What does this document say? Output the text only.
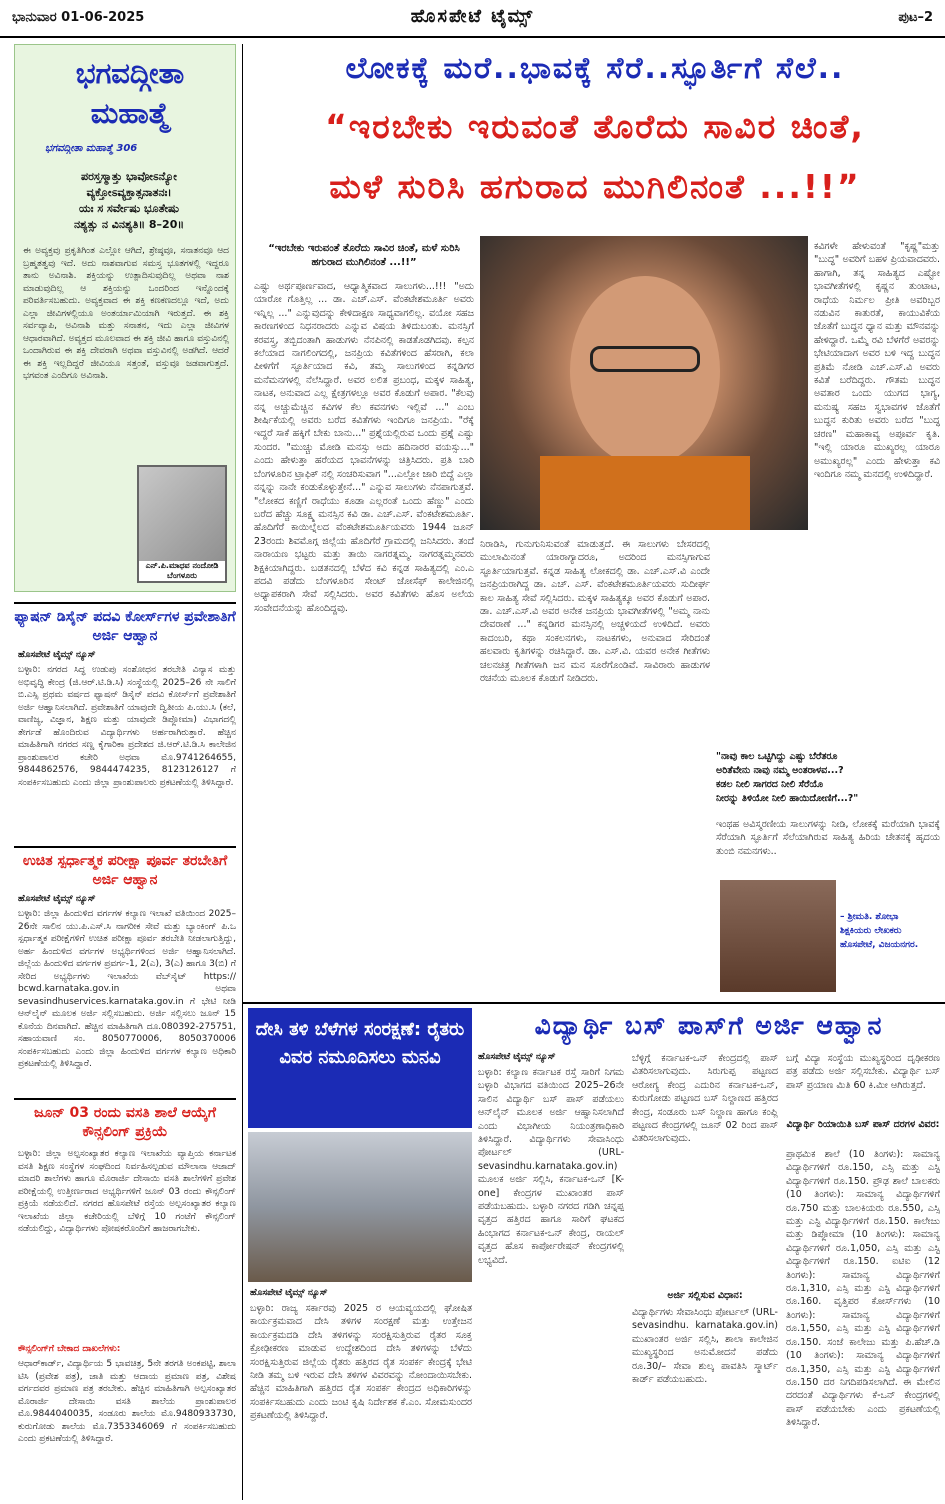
ಭಾನುವಾರ 01-06-2025	ಹೊಸಪೇಟೆ ಟೈಮ್ಸ್	ಪುಟ–2
ಭಗವದ್ಗೀತಾ ಮಹಾತ್ಮೆ
ಭಗವದ್ಗೀತಾ ಮಹಾತ್ಮೆ 306
ಪರಸ್ತಸ್ಮಾತ್ತು ಭಾವೋಽನ್ಯೋ
ವ್ಯಕ್ತೋಽವ್ಯಕ್ತಾತ್ಸನಾತನಃ।
ಯಃ ಸ ಸರ್ವೇಷು ಭೂತೇಷು
ನಶ್ಯತ್ಸು ನ ವಿನಶ್ಯತಿ॥ 8–20॥
ಈ ಅವ್ಯಕ್ತವು ಪ್ರಕೃತಿಗಿಂತ ಎಲ್ಲೋ ಆಗಿದೆ, ಶ್ರೇಷ್ಠವೂ, ಸನಾತನವೂ ಆದ ಬ್ರಹ್ಮತತ್ವವು ಇದೆ. ಅದು ನಾಶವಾಗುವ ಸಮಸ್ತ ಭೂತಗಳಲ್ಲಿ ಇದ್ದರೂ ತಾನು ಅವಿನಾಶಿ. ಶಕ್ತಿಯನ್ನು ಉತ್ಪಾದಿಸುವುದಿಲ್ಲ ಅಥವಾ ನಾಶ ಮಾಡುವುದಿಲ್ಲ ಆ ಶಕ್ತಿಯನ್ನು ಒಂದರಿಂದ ಇನ್ನೊಂದಕ್ಕೆ ಪರಿವರ್ತಿಸಬಹುದು. ಅವ್ಯಕ್ತವಾದ ಈ ಶಕ್ತಿ ಕಣಕಣದಲ್ಲೂ ಇದೆ, ಅದು ಎಲ್ಲಾ ಜೀವಿಗಳಲ್ಲಿಯೂ ಅಂತರ್ಯಾಮಿಯಾಗಿ ಇರುತ್ತದೆ. ಈ ಶಕ್ತಿ ಸರ್ವವ್ಯಾಪಿ, ಅವಿನಾಶಿ ಮತ್ತು ಸನಾತನ, ಇದು ಎಲ್ಲಾ ಜೀವಿಗಳ ಆಧಾರವಾಗಿದೆ. ಅವ್ಯಕ್ತದ ಮೂಲವಾದ ಈ ಶಕ್ತಿ ಜೀವಿ ಹಾಗೂ ವಸ್ತುವಿನಲ್ಲಿ ಒಂದಾಗಿರುವ ಈ ಶಕ್ತಿ ದೇವರಾಗಿ ಅಥವಾ ವಸ್ತುವಿನಲ್ಲಿ ಅಡಗಿದೆ. ಆದರೆ ಈ ಶಕ್ತಿ ಇಲ್ಲದಿದ್ದರೆ ಜೀವಿಯೂ ಸತ್ತಂತೆ, ವಸ್ತುವೂ ಜಡವಾಗುತ್ತದೆ. ಭಗವಂತ ಎಂದಿಗೂ ಅವಿನಾಶಿ.
ಎನ್.ಪಿ.ಮಾಧವ ನಂದೋಡಿ ಬೆಂಗಳೂರು
ಫ್ಯಾಷನ್ ಡಿಸೈನ್ ಪದವಿ ಕೋರ್ಸ್‌ಗಳ ಪ್ರವೇಶಾತಿಗೆ ಅರ್ಜಿ ಆಹ್ವಾನ
ಹೊಸಪೇಟೆ ಟೈಮ್ಸ್ ನ್ಯೂಸ್
ಬಳ್ಳಾರಿ: ನಗರದ ಸಿದ್ಧ ಉಡುಪು ಸಂಶೋಧನ ತರಬೇತಿ ವಿನ್ಯಾಸ ಮತ್ತು ಅಭಿವೃದ್ಧಿ ಕೇಂದ್ರ (ಜಿ.ಆರ್.ಟಿ.ಡಿ.ಸಿ) ಸಂಸ್ಥೆಯಲ್ಲಿ 2025–26 ನೇ ಸಾಲಿಗೆ ಬಿ.ಎಸ್ಸಿ ಪ್ರಥಮ ವರ್ಷದ ಫ್ಯಾಷನ್ ಡಿಸೈನ್ ಪದವಿ ಕೋರ್ಸ್‌ಗೆ ಪ್ರವೇಶಾತಿಗೆ ಅರ್ಜಿ ಆಹ್ವಾನಿಸಲಾಗಿದೆ. ಪ್ರವೇಶಾತಿಗೆ ಯಾವುದೇ ದ್ವಿತೀಯ ಪಿ.ಯು.ಸಿ (ಕಲೆ, ವಾಣಿಜ್ಯ, ವಿಜ್ಞಾನ, ಶಿಕ್ಷಣ ಮತ್ತು ಯಾವುದೇ ಡಿಪ್ಲೋಮಾ) ವಿಭಾಗದಲ್ಲಿ ತೇರ್ಗಡೆ ಹೊಂದಿರುವ ವಿದ್ಯಾರ್ಥಿಗಳು ಅರ್ಹರಾಗಿರುತ್ತಾರೆ. ಹೆಚ್ಚಿನ ಮಾಹಿತಿಗಾಗಿ ನಗರದ ಸಣ್ಣ ಕೈಗಾರಿಕಾ ಪ್ರದೇಶದ ಜಿ.ಆರ್.ಟಿ.ಡಿ.ಸಿ ಕಾಲೇಜಿನ ಪ್ರಾಂಶುಪಾಲರ ಕಚೇರಿ ಅಥವಾ ಮೊ.9741264655, 9844862576, 9844474235, 8123126127 ಗೆ ಸಂಪರ್ಕಿಸಬಹುದು ಎಂದು ಜಿಲ್ಲಾ ಪ್ರಾಂಶುಪಾಲರು ಪ್ರಕಟಣೆಯಲ್ಲಿ ತಿಳಿಸಿದ್ದಾರೆ.
ಉಚಿತ ಸ್ಪರ್ಧಾತ್ಮಕ ಪರೀಕ್ಷಾ ಪೂರ್ವ ತರಬೇತಿಗೆ ಅರ್ಜಿ ಆಹ್ವಾನ
ಹೊಸಪೇಟೆ ಟೈಮ್ಸ್ ನ್ಯೂಸ್
ಬಳ್ಳಾರಿ: ಜಿಲ್ಲಾ ಹಿಂದುಳಿದ ವರ್ಗಗಳ ಕಲ್ಯಾಣ ಇಲಾಖೆ ವತಿಯಿಂದ 2025–26ನೇ ಸಾಲಿನ ಯು.ಪಿ.ಎಸ್.ಸಿ ನಾಗರೀಕ ಸೇವೆ ಮತ್ತು ಬ್ಯಾಂಕಿಂಗ್ ಪಿ.ಒ ಸ್ಪರ್ಧಾತ್ಮಕ ಪರೀಕ್ಷೆಗಳಿಗೆ ಉಚಿತ ಪರೀಕ್ಷಾ ಪೂರ್ವ ತರಬೇತಿ ನೀಡಲಾಗುತ್ತಿದ್ದು, ಅರ್ಹ ಹಿಂದುಳಿದ ವರ್ಗಗಳ ಅಭ್ಯರ್ಥಿಗಳಿಂದ ಅರ್ಜಿ ಆಹ್ವಾನಿಸಲಾಗಿದೆ. ಜಿಲ್ಲೆಯ ಹಿಂದುಳಿದ ವರ್ಗಗಳ ಪ್ರವರ್ಗ-1, 2(ಎ), 3(ಎ) ಹಾಗೂ 3(ಬಿ) ಗೆ ಸೇರಿದ ಅಭ್ಯರ್ಥಿಗಳು ಇಲಾಖೆಯ ವೆಬ್‌ಸೈಟ್ https:// bcwd.karnataka.gov.in ಅಥವಾ sevasindhuservices.karnataka.gov.in ಗೆ ಭೇಟಿ ನೀಡಿ ಆನ್‌ಲೈನ್ ಮೂಲಕ ಅರ್ಜಿ ಸಲ್ಲಿಸಬಹುದು. ಅರ್ಜಿ ಸಲ್ಲಿಸಲು ಜೂನ್ 15 ಕೊನೆಯ ದಿನವಾಗಿದೆ. ಹೆಚ್ಚಿನ ಮಾಹಿತಿಗಾಗಿ ದೂ.080392-275751, ಸಹಾಯವಾಣಿ ಸಂ. 8050770006, 8050370006 ಸಂಪರ್ಕಿಸಬಹುದು ಎಂದು ಜಿಲ್ಲಾ ಹಿಂದುಳಿದ ವರ್ಗಗಳ ಕಲ್ಯಾಣ ಅಧಿಕಾರಿ ಪ್ರಕಟಣೆಯಲ್ಲಿ ತಿಳಿಸಿದ್ದಾರೆ.
ಜೂನ್ 03 ರಂದು ವಸತಿ ಶಾಲೆ ಆಯ್ಕೆಗೆ ಕೌನ್ಸಲಿಂಗ್ ಪ್ರಕ್ರಿಯೆ
ಬಳ್ಳಾರಿ: ಜಿಲ್ಲಾ ಅಲ್ಪಸಂಖ್ಯಾತರ ಕಲ್ಯಾಣ ಇಲಾಖೆಯ ವ್ಯಾಪ್ತಿಯ ಕರ್ನಾಟಕ ವಸತಿ ಶಿಕ್ಷಣ ಸಂಸ್ಥೆಗಳ ಸಂಘದಿಂದ ನಿರ್ವಹಿಸಲ್ಪಡುವ ಮೌಲಾನಾ ಆಜಾದ್ ಮಾದರಿ ಶಾಲೆಗಳು ಹಾಗೂ ಮೊರಾರ್ಜಿ ದೇಸಾಯಿ ವಸತಿ ಶಾಲೆಗಳಿಗೆ ಪ್ರವೇಶ ಪರೀಕ್ಷೆಯಲ್ಲಿ ಉತ್ತೀರ್ಣರಾದ ಅಭ್ಯರ್ಥಿಗಳಿಗೆ ಜೂನ್ 03 ರಂದು ಕೌನ್ಸಲಿಂಗ್ ಪ್ರಕ್ರಿಯೆ ನಡೆಯಲಿದೆ. ನಗರದ ಹೊಸಪೇಟೆ ರಸ್ತೆಯ ಅಲ್ಪಸಂಖ್ಯಾತರ ಕಲ್ಯಾಣ ಇಲಾಖೆಯ ಜಿಲ್ಲಾ ಕಚೇರಿಯಲ್ಲಿ ಬೆಳಿಗ್ಗೆ 10 ಗಂಟೆಗೆ ಕೌನ್ಸಲಿಂಗ್ ನಡೆಯಲಿದ್ದು, ವಿದ್ಯಾರ್ಥಿಗಳು ಪೋಷಕರೊಂದಿಗೆ ಹಾಜರಾಗಬೇಕು.
ಕೌನ್ಸಲಿಂಗ್‌ಗೆ ಬೇಕಾದ ದಾಖಲೆಗಳು:
ಆಧಾರ್‌ಕಾರ್ಡ್, ವಿದ್ಯಾರ್ಥಿಯ 5 ಭಾವಚಿತ್ರ, 5ನೇ ತರಗತಿ ಅಂಕಪಟ್ಟಿ, ಶಾಲಾ ಟಿಸಿ (ಪ್ರವೇಶ ಪತ್ರ), ಜಾತಿ ಮತ್ತು ಆದಾಯ ಪ್ರಮಾಣ ಪತ್ರ, ವಿಶೇಷ ವರ್ಗದವರ ಪ್ರಮಾಣ ಪತ್ರ ತರಬೇಕು. ಹೆಚ್ಚಿನ ಮಾಹಿತಿಗಾಗಿ ಅಲ್ಪಸಂಖ್ಯಾತರ ಮೊರಾರ್ಜಿ ದೇಸಾಯಿ ವಸತಿ ಶಾಲೆಯ ಪ್ರಾಂಶುಪಾಲರ ಮೊ.9844040035, ಸಂಡೂರು ಶಾಲೆಯ ಮೊ.9480933730, ಕುರುಗೋಡು ಶಾಲೆಯ ಮೊ.7353346069 ಗೆ ಸಂಪರ್ಕಿಸಬಹುದು ಎಂದು ಪ್ರಕಟಣೆಯಲ್ಲಿ ತಿಳಿಸಿದ್ದಾರೆ.
ಲೋಕಕ್ಕೆ ಮರೆ..ಭಾವಕ್ಕೆ ಸೆರೆ..ಸ್ಫೂರ್ತಿಗೆ ಸೆಲೆ..
“ಇರಬೇಕು ಇರುವಂತೆ ತೊರೆದು ಸಾವಿರ ಚಿಂತೆ,
ಮಳೆ ಸುರಿಸಿ ಹಗುರಾದ ಮುಗಿಲಿನಂತೆ ...!!”
“ಇರಬೇಕು ಇರುವಂತೆ ತೊರೆದು ಸಾವಿರ ಚಿಂತೆ, ಮಳೆ ಸುರಿಸಿ ಹಗುರಾದ ಮುಗಿಲಿನಂತೆ ...!!”
ಎಷ್ಟು ಅರ್ಥಪೂರ್ಣವಾದ, ಆಧ್ಯಾತ್ಮಿಕವಾದ ಸಾಲುಗಳು...!!! "ಅದು ಯಾರೋ ಗೊತ್ತಿಲ್ಲ ... ಡಾ. ಎಚ್.ಎಸ್. ವೆಂಕಟೇಶಮೂರ್ತಿ ಅವರು ಇನ್ನಿಲ್ಲ ..." ಎನ್ನುವುದನ್ನು ಕೇಳಿದಾಕ್ಷಣ ಸಾಧ್ಯವಾಗಲಿಲ್ಲ. ವಯೋ ಸಹಜ ಕಾರಣಗಳಿಂದ ನಿಧನರಾದರು ಎನ್ನುವ ವಿಷಯ ತಿಳಿದುಬಂತು. ಮನಸ್ಸಿಗೆ ಕರವಸ್ತ್ರ, ತಬ್ಬಿದಂತಾಗಿ ಹಾಡುಗಳು ನೆನಪಿನಲ್ಲಿ ಕಾಡತೊಡಗಿದವು. ಕಲ್ಪನ ಕಲೆಯಾದ ನಾಗಲಿಂಗದಲ್ಲಿ, ಜನಪ್ರಿಯ ಕವಿತೆಗಳಿಂದ ಹೆಸರಾಗಿ, ಕಲಾ ಪೀಳಿಗೆಗೆ ಸ್ಫೂರ್ತಿಯಾದ ಕವಿ, ತಮ್ಮ ಸಾಲುಗಳಿಂದ ಕನ್ನಡಿಗರ ಮನೆಮನಗಳಲ್ಲಿ ನೆಲೆಸಿದ್ದಾರೆ. ಅವರ ಲಲಿತ ಪ್ರಬಂಧ, ಮಕ್ಕಳ ಸಾಹಿತ್ಯ, ನಾಟಕ, ಅನುವಾದ ಎಲ್ಲ ಕ್ಷೇತ್ರಗಳಲ್ಲೂ ಅವರ ಕೊಡುಗೆ ಅಪಾರ. "ಕೆಲವು ನನ್ನ ಅಚ್ಚುಮೆಚ್ಚಿನ ಕವಿಗಳ ಕೆಲ ಕವನಗಳು ಇಲ್ಲಿವೆ ..." ಎಂಬ ಶೀರ್ಷಿಕೆಯಲ್ಲಿ ಅವರು ಬರೆದ ಕವಿತೆಗಳು ಇಂದಿಗೂ ಜನಪ್ರಿಯ. "ರೆಕ್ಕೆ ಇದ್ದರೆ ಸಾಕೆ ಹಕ್ಕಿಗೆ ಬೇಕು ಬಾನು..." ಪ್ರಶ್ನೆಯಲ್ಲಿರುವ ಒಂದು ಪ್ರಶ್ನೆ ಎಷ್ಟು ಸುಂದರ. "ಮುಚ್ಚು ಮೋಡಿ ಮನಸ್ಸು ಅದು ಹದಿನಾರರ ವಯಸ್ಸು..." ಎಂದು ಹೇಳುತ್ತಾ ಹರೆಯದ ಭಾವನೆಗಳನ್ನು ಚಿತ್ರಿಸಿದರು. ಪ್ರತಿ ಬಾರಿ ಬೆಂಗಳೂರಿನ ಟ್ರಾಫಿಕ್ ನಲ್ಲಿ ಸಂಚರಿಸುವಾಗ "...ಎಲ್ಲೋ ಜಾರಿ ಬಿದ್ದೆ ಎಲ್ಲಾ ನನ್ನನ್ನು ನಾನೇ ಕಂಡುಕೊಳ್ಳುತ್ತೇನೆ..." ಎನ್ನುವ ಸಾಲುಗಳು ನೆನಪಾಗುತ್ತವೆ. "ಲೋಕದ ಕಣ್ಣಿಗೆ ರಾಧೆಯು ಕೂಡಾ ಎಲ್ಲರಂತೆ ಒಂದು ಹೆಣ್ಣು" ಎಂದು ಬರೆದ ಹೆಚ್ಚು ಸೂಕ್ಷ್ಮ ಮನಸ್ಸಿನ ಕವಿ ಡಾ. ಎಚ್.ಎಸ್. ವೆಂಕಟೇಶಮೂರ್ತಿ. ಹೊದಿಗೆರೆ ಕಾಯಿಲ್ನೆಲದ ವೆಂಕಟೇಶಮೂರ್ತಿಯವರು 1944 ಜೂನ್ 23ರಂದು ಶಿವಮೊಗ್ಗ ಜಿಲ್ಲೆಯ ಹೊದಿಗೆರೆ ಗ್ರಾಮದಲ್ಲಿ ಜನಿಸಿದರು. ತಂದೆ ನಾರಾಯಣ ಭಟ್ಟರು ಮತ್ತು ತಾಯಿ ನಾಗರತ್ನಮ್ಮ. ನಾಗರತ್ನಮ್ಮನವರು ಶಿಕ್ಷಕಿಯಾಗಿದ್ದರು. ಬಡತನದಲ್ಲಿ ಬೆಳೆದ ಕವಿ ಕನ್ನಡ ಸಾಹಿತ್ಯದಲ್ಲಿ ಎಂ.ಎ ಪದವಿ ಪಡೆದು ಬೆಂಗಳೂರಿನ ಸೇಂಟ್ ಜೋಸೆಫ್ ಕಾಲೇಜಿನಲ್ಲಿ ಅಧ್ಯಾಪಕರಾಗಿ ಸೇವೆ ಸಲ್ಲಿಸಿದರು. ಅವರ ಕವಿತೆಗಳು ಹೊಸ ಅಲೆಯ ಸಂವೇದನೆಯನ್ನು ಹೊಂದಿದ್ದವು.
ನಿರಾಡಿಸಿ, ಗುನುಗುನಿಸುವಂತೆ ಮಾಡುತ್ತದೆ. ಈ ಸಾಲುಗಳು ಬೇಸರದಲ್ಲಿ ಮುಲಾಮಿನಂತೆ ಯಾರಾಗ್ಯಾದರೂ, ಅದರಿಂದ ಮನಸ್ಸಿಗಾಗುವ ಸ್ಫೂರ್ತಿಯಾಗುತ್ತವೆ. ಕನ್ನಡ ಸಾಹಿತ್ಯ ಲೋಕದಲ್ಲಿ ಡಾ. ಎಚ್.ಎಸ್.ವಿ ಎಂದೇ ಜನಪ್ರಿಯರಾಗಿದ್ದ ಡಾ. ಎಚ್. ಎಸ್. ವೆಂಕಟೇಶಮೂರ್ತಿಯವರು ಸುದೀರ್ಘ ಕಾಲ ಸಾಹಿತ್ಯ ಸೇವೆ ಸಲ್ಲಿಸಿದರು. ಮಕ್ಕಳ ಸಾಹಿತ್ಯಕ್ಕೂ ಅವರ ಕೊಡುಗೆ ಅಪಾರ. ಡಾ. ಎಚ್.ಎಸ್.ವಿ ಅವರ ಅನೇಕ ಜನಪ್ರಿಯ ಭಾವಗೀತೆಗಳಲ್ಲಿ "ಅಮ್ಮ ನಾನು ದೇವರಾಣೆ ..." ಕನ್ನಡಿಗರ ಮನಸ್ಸಿನಲ್ಲಿ ಅಚ್ಚಳಿಯದೆ ಉಳಿದಿದೆ. ಅವರು ಕಾದಂಬರಿ, ಕಥಾ ಸಂಕಲನಗಳು, ನಾಟಕಗಳು, ಅನುವಾದ ಸೇರಿದಂತೆ ಹಲವಾರು ಕೃತಿಗಳನ್ನು ರಚಿಸಿದ್ದಾರೆ. ಡಾ. ಎಸ್.ವಿ. ಯವರ ಅನೇಕ ಗೀತೆಗಳು ಚಲನಚಿತ್ರ ಗೀತೆಗಳಾಗಿ ಜನ ಮನ ಸೂರೆಗೊಂಡಿವೆ. ಸಾವಿರಾರು ಹಾಡುಗಳ ರಚನೆಯ ಮೂಲಕ ಕೊಡುಗೆ ನೀಡಿದರು.
ಕವಿಗಳೇ ಹೇಳುವಂತೆ "ಕೃಷ್ಣ"ಮತ್ತು "ಬುದ್ಧ" ಅವರಿಗೆ ಬಹಳ ಪ್ರಿಯವಾದವರು. ಹಾಗಾಗಿ, ತನ್ನ ಸಾಹಿತ್ಯದ ಎಷ್ಟೋ ಭಾವಗೀತೆಗಳಲ್ಲಿ ಕೃಷ್ಣನ ತುಂಟಾಟ, ರಾಧೆಯ ನಿರ್ಮಲ ಪ್ರೀತಿ ಅವರಿಬ್ಬರ ನಡುವಿನ ಕಾತುರತೆ, ಕಾಯುವಿಕೆಯ ಜೊತೆಗೆ ಬುದ್ಧನ ಧ್ಯಾನ ಮತ್ತು ಮೌನವನ್ನು ಹೇಳಿದ್ದಾರೆ. ಒಮ್ಮೆ ರವಿ ಬೆಳಗೆರೆ ಅವರನ್ನು ಭೇಟಿಯಾದಾಗ ಅವರ ಬಳಿ ಇದ್ದ ಬುದ್ಧನ ಪ್ರತಿಮೆ ನೋಡಿ ಎಚ್.ಎಸ್.ವಿ ಅವರು ಕವಿತೆ ಬರೆದಿದ್ದರು. ಗೌತಮ ಬುದ್ಧನ ಅವತಾರ ಒಂದು ಯುಗದ ಭಾಗ್ಯ, ಮನುಷ್ಯ ಸಹಜ ಸ್ವಭಾವಗಳ ಜೊತೆಗೆ ಬುದ್ಧನ ಕುರಿತು ಅವರು ಬರೆದ "ಬುದ್ಧ ಚರಣ" ಮಹಾಕಾವ್ಯ ಅಪೂರ್ವ ಕೃತಿ. "ಇಲ್ಲಿ ಯಾರೂ ಮುಖ್ಯರಲ್ಲ ಯಾರೂ ಅಮುಖ್ಯರಲ್ಲ" ಎಂದು ಹೇಳುತ್ತಾ ಕವಿ ಇಂದಿಗೂ ನಮ್ಮ ಮನದಲ್ಲಿ ಉಳಿದಿದ್ದಾರೆ.
"ನಾವು ಕಾಲ ಒಟ್ಟಿಗಿದ್ದು ಎಷ್ಟು ಬೆರೆತರೂ
ಅರಿತೆವೇನು ನಾವು ನಮ್ಮ ಅಂತರಾಳವ...?
ಕಡಲ ನೀಲಿ ಸಾಗರದ ನೀಲಿ ಸೆರೆಯೊ
ನೀರನ್ನು ತಿಳಿಯೋ ನೀಲಿ ಹಾಯಿದೋಣಿಗೆ...?"
ಇಂಥಹ ಅವಿಸ್ಮರಣೀಯ ಸಾಲುಗಳನ್ನು ನೀಡಿ, ಲೋಕಕ್ಕೆ ಮರೆಯಾಗಿ ಭಾವಕ್ಕೆ ಸೆರೆಯಾಗಿ ಸ್ಫೂರ್ತಿಗೆ ಸೆಲೆಯಾಗಿರುವ ಸಾಹಿತ್ಯ ಹಿರಿಯ ಚೇತನಕ್ಕೆ ಹೃದಯ ತುಂಬಿ ನಮನಗಳು..
– ಶ್ರೀಮತಿ. ಶೋಭಾ
ಶಿಕ್ಷಕಿಯರು ಲೇಖಕರು
ಹೊಸಪೇಟೆ, ವಿಜಯನಗರ.
ದೇಸಿ ತಳಿ ಬೆಳೆಗಳ ಸಂರಕ್ಷಣೆ: ರೈತರು ವಿವರ ನಮೂದಿಸಲು ಮನವಿ
ಹೊಸಪೇಟೆ ಟೈಮ್ಸ್ ನ್ಯೂಸ್
ಬಳ್ಳಾರಿ: ರಾಜ್ಯ ಸರ್ಕಾರವು 2025 ರ ಆಯವ್ಯಯದಲ್ಲಿ ಘೋಷಿತ ಕಾರ್ಯಕ್ರಮವಾದ ದೇಸಿ ತಳಿಗಳ ಸಂರಕ್ಷಣೆ ಮತ್ತು ಉತ್ತೇಜನ ಕಾರ್ಯಕ್ರಮದಡಿ ದೇಸಿ ತಳಿಗಳನ್ನು ಸಂರಕ್ಷಿಸುತ್ತಿರುವ ರೈತರ ಸೂಕ್ತ ಕ್ರೋಢೀಕರಣ ಮಾಡುವ ಉದ್ದೇಶದಿಂದ ದೇಸಿ ತಳಿಗಳನ್ನು ಬೆಳೆದು ಸಂರಕ್ಷಿಸುತ್ತಿರುವ ಜಿಲ್ಲೆಯ ರೈತರು ಹತ್ತಿರದ ರೈತ ಸಂಪರ್ಕ ಕೇಂದ್ರಕ್ಕೆ ಭೇಟಿ ನೀಡಿ ತಮ್ಮ ಬಳಿ ಇರುವ ದೇಸಿ ತಳಿಗಳ ವಿವರವನ್ನು ನೋಂದಾಯಿಸಬೇಕು. ಹೆಚ್ಚಿನ ಮಾಹಿತಿಗಾಗಿ ಹತ್ತಿರದ ರೈತ ಸಂಪರ್ಕ ಕೇಂದ್ರದ ಅಧಿಕಾರಿಗಳನ್ನು ಸಂಪರ್ಕಿಸಬಹುದು ಎಂದು ಜಂಟಿ ಕೃಷಿ ನಿರ್ದೇಶಕ ಕೆ.ಎಂ. ಸೋಮಸುಂದರ ಪ್ರಕಟಣೆಯಲ್ಲಿ ತಿಳಿಸಿದ್ದಾರೆ.
ವಿದ್ಯಾರ್ಥಿ ಬಸ್ ಪಾಸ್‌ಗೆ ಅರ್ಜಿ ಆಹ್ವಾನ
ಹೊಸಪೇಟೆ ಟೈಮ್ಸ್ ನ್ಯೂಸ್
ಬಳ್ಳಾರಿ: ಕಲ್ಯಾಣ ಕರ್ನಾಟಕ ರಸ್ತೆ ಸಾರಿಗೆ ನಿಗಮ ಬಳ್ಳಾರಿ ವಿಭಾಗದ ವತಿಯಿಂದ 2025–26ನೇ ಸಾಲಿನ ವಿದ್ಯಾರ್ಥಿ ಬಸ್ ಪಾಸ್ ಪಡೆಯಲು ಆನ್‌ಲೈನ್ ಮೂಲಕ ಅರ್ಜಿ ಆಹ್ವಾನಿಸಲಾಗಿದೆ ಎಂದು ವಿಭಾಗೀಯ ನಿಯಂತ್ರಣಾಧಿಕಾರಿ ತಿಳಿಸಿದ್ದಾರೆ. ವಿದ್ಯಾರ್ಥಿಗಳು ಸೇವಾಸಿಂಧು ಪೋರ್ಟಲ್ (URL-sevasindhu.karnataka.gov.in) ಮೂಲಕ ಅರ್ಜಿ ಸಲ್ಲಿಸಿ, ಕರ್ನಾಟಕ-ಒನ್ [K-one] ಕೇಂದ್ರಗಳ ಮುಖಾಂತರ ಪಾಸ್ ಪಡೆಯಬಹುದು. ಬಳ್ಳಾರಿ ನಗರದ ಗಡಿಗಿ ಚನ್ನಪ್ಪ ವೃತ್ತದ ಹತ್ತಿರದ ಹಾಗೂ ಸಾರಿಗೆ ಘಟಕದ ಹಿಂಭಾಗದ ಕರ್ನಾಟಕ-ಒನ್ ಕೇಂದ್ರ, ರಾಯಲ್ ವೃತ್ತದ ಹೊಸ ಕಾರ್ಪೋರೇಷನ್ ಕೇಂದ್ರಗಳಲ್ಲಿ ಲಭ್ಯವಿದೆ.
ಬೆಳ್ಳಿಗ್ಗೆ ಕರ್ನಾಟಕ-ಒನ್ ಕೇಂದ್ರದಲ್ಲಿ ಪಾಸ್ ವಿತರಿಸಲಾಗುವುದು. ಸಿರುಗುಪ್ಪ ಪಟ್ಟಣದ ಆರೋಗ್ಯ ಕೇಂದ್ರ ಎದುರಿನ ಕರ್ನಾಟಕ-ಒನ್, ಕುರುಗೋಡು ಪಟ್ಟಣದ ಬಸ್ ನಿಲ್ದಾಣದ ಹತ್ತಿರದ ಕೇಂದ್ರ, ಸಂಡೂರು ಬಸ್ ನಿಲ್ದಾಣ ಹಾಗೂ ಕಂಪ್ಲಿ ಪಟ್ಟಣದ ಕೇಂದ್ರಗಳಲ್ಲಿ ಜೂನ್ 02 ರಿಂದ ಪಾಸ್ ವಿತರಿಸಲಾಗುವುದು.
ಅರ್ಜಿ ಸಲ್ಲಿಸುವ ವಿಧಾನ:
ವಿದ್ಯಾರ್ಥಿಗಳು ಸೇವಾಸಿಂಧು ಪೋರ್ಟಲ್ (URL-sevasindhu. karnataka.gov.in) ಮುಖಾಂತರ ಅರ್ಜಿ ಸಲ್ಲಿಸಿ, ಶಾಲಾ ಕಾಲೇಜಿನ ಮುಖ್ಯಸ್ಥರಿಂದ ಅನುಮೋದನೆ ಪಡೆದು ರೂ.30/– ಸೇವಾ ಶುಲ್ಕ ಪಾವತಿಸಿ ಸ್ಮಾರ್ಟ್ ಕಾರ್ಡ್ ಪಡೆಯಬಹುದು.
ಬಗ್ಗೆ ವಿದ್ಯಾ ಸಂಸ್ಥೆಯ ಮುಖ್ಯಸ್ಥರಿಂದ ದೃಢೀಕರಣ ಪತ್ರ ಪಡೆದು ಅರ್ಜಿ ಸಲ್ಲಿಸಬೇಕು. ವಿದ್ಯಾರ್ಥಿ ಬಸ್ ಪಾಸ್ ಪ್ರಯಾಣ ಮಿತಿ 60 ಕಿ.ಮೀ ಆಗಿರುತ್ತದೆ.
ವಿದ್ಯಾರ್ಥಿ ರಿಯಾಯಿತಿ ಬಸ್ ಪಾಸ್ ದರಗಳ ವಿವರ:
ಪ್ರಾಥಮಿಕ ಶಾಲೆ (10 ತಿಂಗಳು): ಸಾಮಾನ್ಯ ವಿದ್ಯಾರ್ಥಿಗಳಿಗೆ ರೂ.150, ಎಸ್ಸಿ ಮತ್ತು ಎಸ್ಟಿ ವಿದ್ಯಾರ್ಥಿಗಳಿಗೆ ರೂ.150. ಪ್ರೌಢ ಶಾಲೆ ಬಾಲಕರು (10 ತಿಂಗಳು): ಸಾಮಾನ್ಯ ವಿದ್ಯಾರ್ಥಿಗಳಿಗೆ ರೂ.750 ಮತ್ತು ಬಾಲಕಿಯರು ರೂ.550, ಎಸ್ಸಿ ಮತ್ತು ಎಸ್ಟಿ ವಿದ್ಯಾರ್ಥಿಗಳಿಗೆ ರೂ.150. ಕಾಲೇಜು ಮತ್ತು ಡಿಪ್ಲೋಮಾ (10 ತಿಂಗಳು): ಸಾಮಾನ್ಯ ವಿದ್ಯಾರ್ಥಿಗಳಿಗೆ ರೂ.1,050, ಎಸ್ಸಿ ಮತ್ತು ಎಸ್ಟಿ ವಿದ್ಯಾರ್ಥಿಗಳಿಗೆ ರೂ.150. ಐಟಿಐ (12 ತಿಂಗಳು): ಸಾಮಾನ್ಯ ವಿದ್ಯಾರ್ಥಿಗಳಿಗೆ ರೂ.1,310, ಎಸ್ಸಿ ಮತ್ತು ಎಸ್ಟಿ ವಿದ್ಯಾರ್ಥಿಗಳಿಗೆ ರೂ.160. ವೃತ್ತಿಪರ ಕೋರ್ಸ್‌ಗಳು (10 ತಿಂಗಳು): ಸಾಮಾನ್ಯ ವಿದ್ಯಾರ್ಥಿಗಳಿಗೆ ರೂ.1,550, ಎಸ್ಸಿ ಮತ್ತು ಎಸ್ಟಿ ವಿದ್ಯಾರ್ಥಿಗಳಿಗೆ ರೂ.150. ಸಂಜೆ ಕಾಲೇಜು ಮತ್ತು ಪಿ.ಹೆಚ್.ಡಿ (10 ತಿಂಗಳು): ಸಾಮಾನ್ಯ ವಿದ್ಯಾರ್ಥಿಗಳಿಗೆ ರೂ.1,350, ಎಸ್ಸಿ ಮತ್ತು ಎಸ್ಟಿ ವಿದ್ಯಾರ್ಥಿಗಳಿಗೆ ರೂ.150 ದರ ನಿಗದಿಪಡಿಸಲಾಗಿದೆ. ಈ ಮೇಲಿನ ದರದಂತೆ ವಿದ್ಯಾರ್ಥಿಗಳು ಕೆ-ಒನ್ ಕೇಂದ್ರಗಳಲ್ಲಿ ಪಾಸ್ ಪಡೆಯಬೇಕು ಎಂದು ಪ್ರಕಟಣೆಯಲ್ಲಿ ತಿಳಿಸಿದ್ದಾರೆ.
